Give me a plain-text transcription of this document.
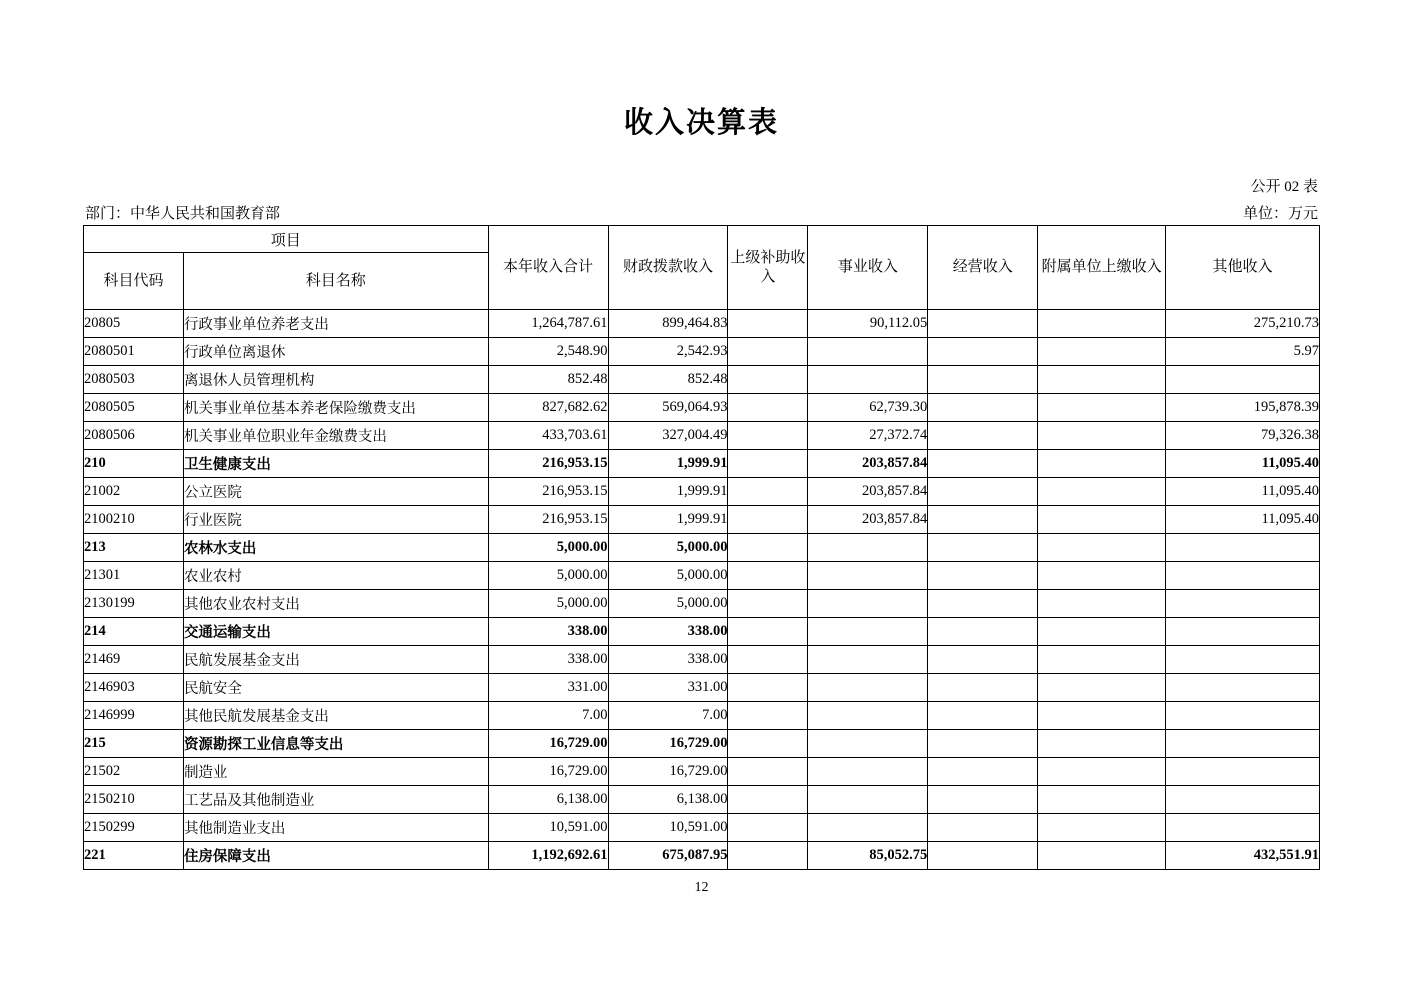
收入决算表
公开 02 表
部门：中华人民共和国教育部	单位：万元
项目		本年收入合计	财政拨款收入	上级补助收入	事业收入	经营收入	附属单位上缴收入	其他收入
科目代码	科目名称							
20805	行政事业单位养老支出	1,264,787.61	899,464.83		90,112.05			275,210.73
2080501	行政单位离退休	2,548.90	2,542.93					5.97
2080503	离退休人员管理机构	852.48	852.48					
2080505	机关事业单位基本养老保险缴费支出	827,682.62	569,064.93		62,739.30			195,878.39
2080506	机关事业单位职业年金缴费支出	433,703.61	327,004.49		27,372.74			79,326.38
210	卫生健康支出	216,953.15	1,999.91		203,857.84			11,095.40
21002	公立医院	216,953.15	1,999.91		203,857.84			11,095.40
2100210	行业医院	216,953.15	1,999.91		203,857.84			11,095.40
213	农林水支出	5,000.00	5,000.00					
21301	农业农村	5,000.00	5,000.00					
2130199	其他农业农村支出	5,000.00	5,000.00					
214	交通运输支出	338.00	338.00					
21469	民航发展基金支出	338.00	338.00					
2146903	民航安全	331.00	331.00					
2146999	其他民航发展基金支出	7.00	7.00					
215	资源勘探工业信息等支出	16,729.00	16,729.00					
21502	制造业	16,729.00	16,729.00					
2150210	工艺品及其他制造业	6,138.00	6,138.00					
2150299	其他制造业支出	10,591.00	10,591.00					
221	住房保障支出	1,192,692.61	675,087.95		85,052.75			432,551.91
12
